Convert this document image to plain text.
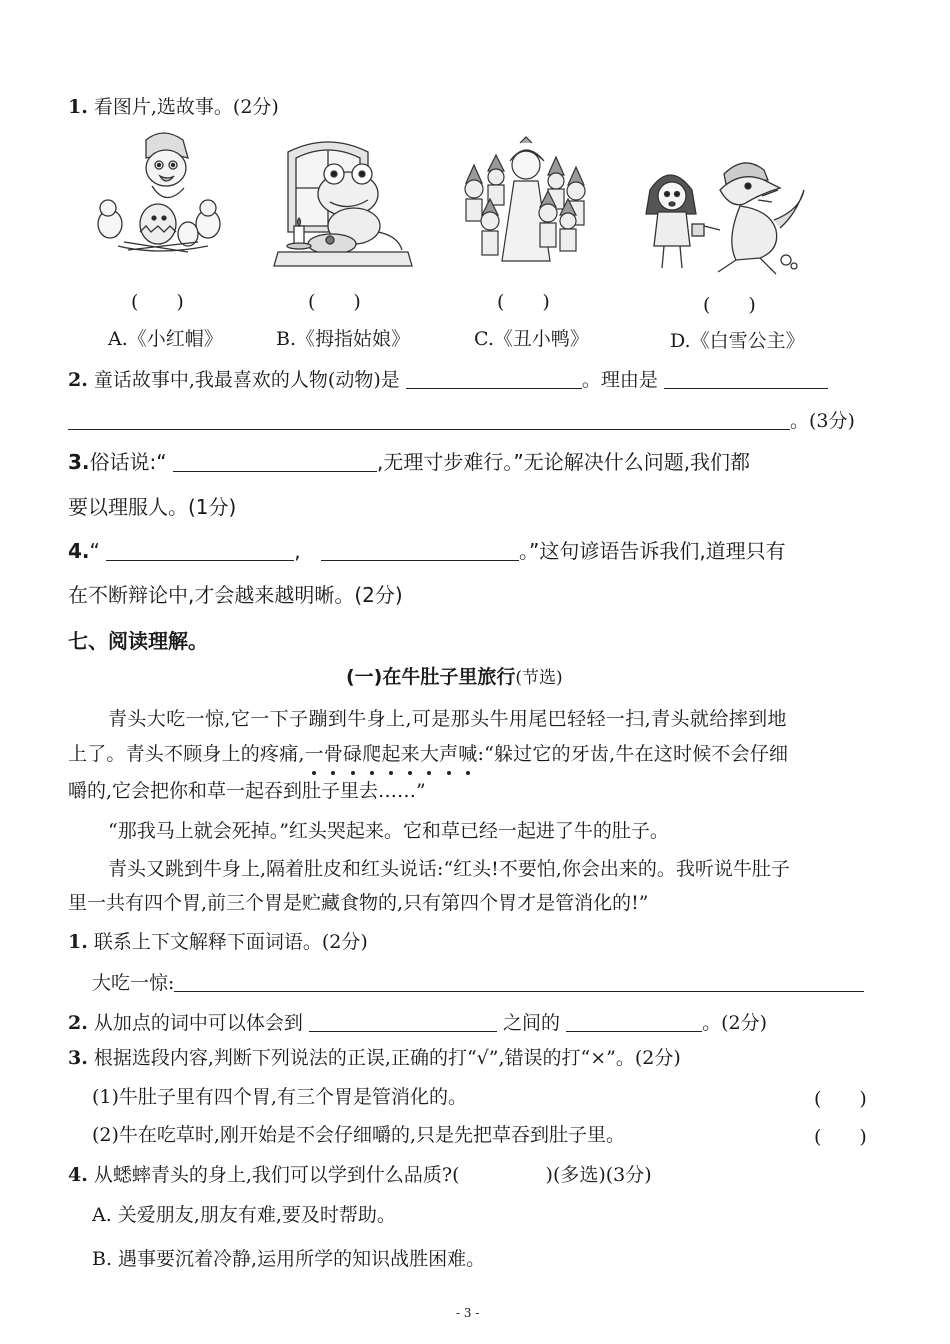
1. 看图片,选故事。(2分)
(　　)	(　　)	(　　)	(　　)
A.《小红帽》	B.《拇指姑娘》	C.《丑小鸭》	D.《白雪公主》
2. 童话故事中,我最喜欢的人物(动物)是	。理由是
。(3分)
3.俗话说:“	,无理寸步难行。”无论解决什么问题,我们都
要以理服人。(1分)
4.“	,	。”这句谚语告诉我们,道理只有
在不断辩论中,才会越来越明晰。(2分)
七、阅读理解。
(一)在牛肚子里旅行(节选)
青头大吃一惊,它一下子蹦到牛身上,可是那头牛用尾巴轻轻一扫,青头就给摔到地
上了。青头不顾身上的疼痛,一骨碌爬起来大声喊:“躲过它的牙齿,牛在这时候不会仔细
嚼的,它会把你和草一起吞到肚子里去……”
“那我马上就会死掉。”红头哭起来。它和草已经一起进了牛的肚子。
青头又跳到牛身上,隔着肚皮和红头说话:“红头!不要怕,你会出来的。我听说牛肚子
里一共有四个胃,前三个胃是贮藏食物的,只有第四个胃才是管消化的!”
1. 联系上下文解释下面词语。(2分)
大吃一惊:
2. 从加点的词中可以体会到	之间的	。(2分)
3. 根据选段内容,判断下列说法的正误,正确的打“√”,错误的打“×”。(2分)
(1)牛肚子里有四个胃,有三个胃是管消化的。	(　　)
(2)牛在吃草时,刚开始是不会仔细嚼的,只是先把草吞到肚子里。	(　　)
4. 从蟋蟀青头的身上,我们可以学到什么品质?(	)(多选)(3分)
A. 关爱朋友,朋友有难,要及时帮助。
B. 遇事要沉着冷静,运用所学的知识战胜困难。
- 3 -
